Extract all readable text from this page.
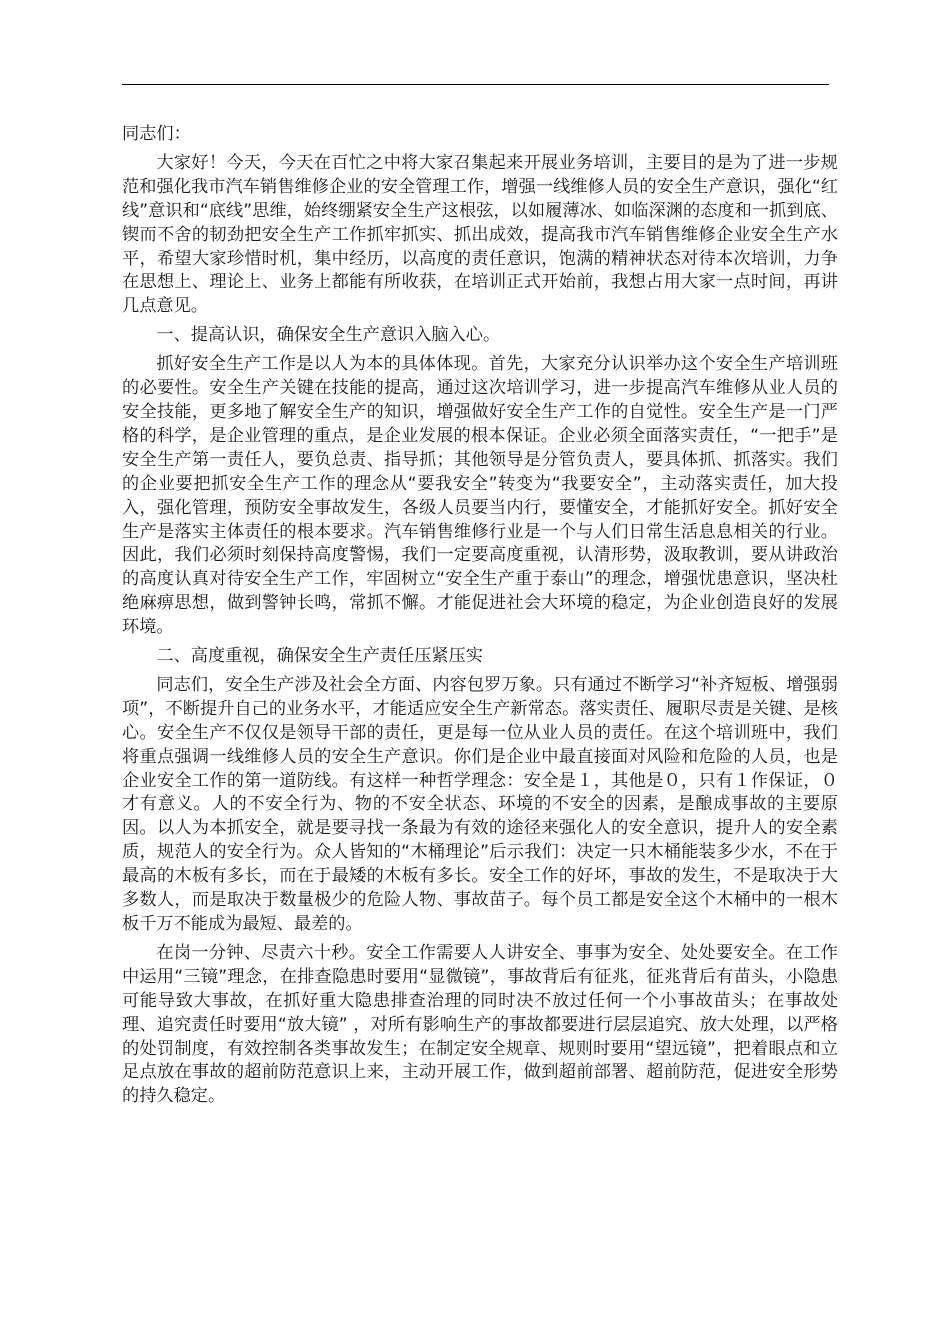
同志们：

大家好！今天，今天在百忙之中将大家召集起来开展业务培训，主要目的是为了进一步规范和强化我市汽车销售维修企业的安全管理工作，增强一线维修人员的安全生产意识，强化“红线”意识和“底线”思维，始终绷紧安全生产这根弦，以如履薄冰、如临深渊的态度和一抓到底、锲而不舍的韧劲把安全生产工作抓牢抓实、抓出成效，提高我市汽车销售维修企业安全生产水平，希望大家珍惜时机，集中经历，以高度的责任意识，饱满的精神状态对待本次培训，力争在思想上、理论上、业务上都能有所收获，在培训正式开始前，我想占用大家一点时间，再讲几点意见。

一、提高认识，确保安全生产意识入脑入心。

抓好安全生产工作是以人为本的具体体现。首先，大家充分认识举办这个安全生产培训班的必要性。安全生产关键在技能的提高，通过这次培训学习，进一步提高汽车维修从业人员的安全技能，更多地了解安全生产的知识，增强做好安全生产工作的自觉性。安全生产是一门严格的科学，是企业管理的重点，是企业发展的根本保证。企业必须全面落实责任，“一把手”是安全生产第一责任人，要负总责、指导抓；其他领导是分管负责人，要具体抓、抓落实。我们的企业要把抓安全生产工作的理念从“要我安全”转变为“我要安全”，主动落实责任，加大投入，强化管理，预防安全事故发生，各级人员要当内行，要懂安全，才能抓好安全。抓好安全生产是落实主体责任的根本要求。汽车销售维修行业是一个与人们日常生活息息相关的行业。因此，我们必须时刻保持高度警惕，我们一定要高度重视，认清形势，汲取教训，要从讲政治的高度认真对待安全生产工作，牢固树立“安全生产重于泰山”的理念，增强忧患意识，坚决杜绝麻痹思想，做到警钟长鸣，常抓不懈。才能促进社会大环境的稳定，为企业创造良好的发展环境。

二、高度重视，确保安全生产责任压紧压实

同志们，安全生产涉及社会全方面、内容包罗万象。只有通过不断学习“补齐短板、增强弱项”，不断提升自己的业务水平，才能适应安全生产新常态。落实责任、履职尽责是关键、是核心。安全生产不仅仅是领导干部的责任，更是每一位从业人员的责任。在这个培训班中，我们将重点强调一线维修人员的安全生产意识。你们是企业中最直接面对风险和危险的人员，也是企业安全工作的第一道防线。有这样一种哲学理念：安全是１，其他是０，只有１作保证，０才有意义。人的不安全行为、物的不安全状态、环境的不安全的因素，是酿成事故的主要原因。以人为本抓安全，就是要寻找一条最为有效的途径来强化人的安全意识，提升人的安全素质，规范人的安全行为。众人皆知的“木桶理论”后示我们：决定一只木桶能装多少水，不在于最高的木板有多长，而在于最矮的木板有多长。安全工作的好坏，事故的发生，不是取决于大多数人，而是取决于数量极少的危险人物、事故苗子。每个员工都是安全这个木桶中的一根木板千万不能成为最短、最差的。

在岗一分钟、尽责六十秒。安全工作需要人人讲安全、事事为安全、处处要安全。在工作中运用“三镜”理念，在排查隐患时要用“显微镜”，事故背后有征兆，征兆背后有苗头，小隐患可能导致大事故，在抓好重大隐患排查治理的同时决不放过任何一个小事故苗头；在事故处理、追究责任时要用“放大镜” ，对所有影响生产的事故都要进行层层追究、放大处理，以严格的处罚制度，有效控制各类事故发生；在制定安全规章、规则时要用“望远镜”，把着眼点和立足点放在事故的超前防范意识上来，主动开展工作，做到超前部署、超前防范，促进安全形势的持久稳定。
